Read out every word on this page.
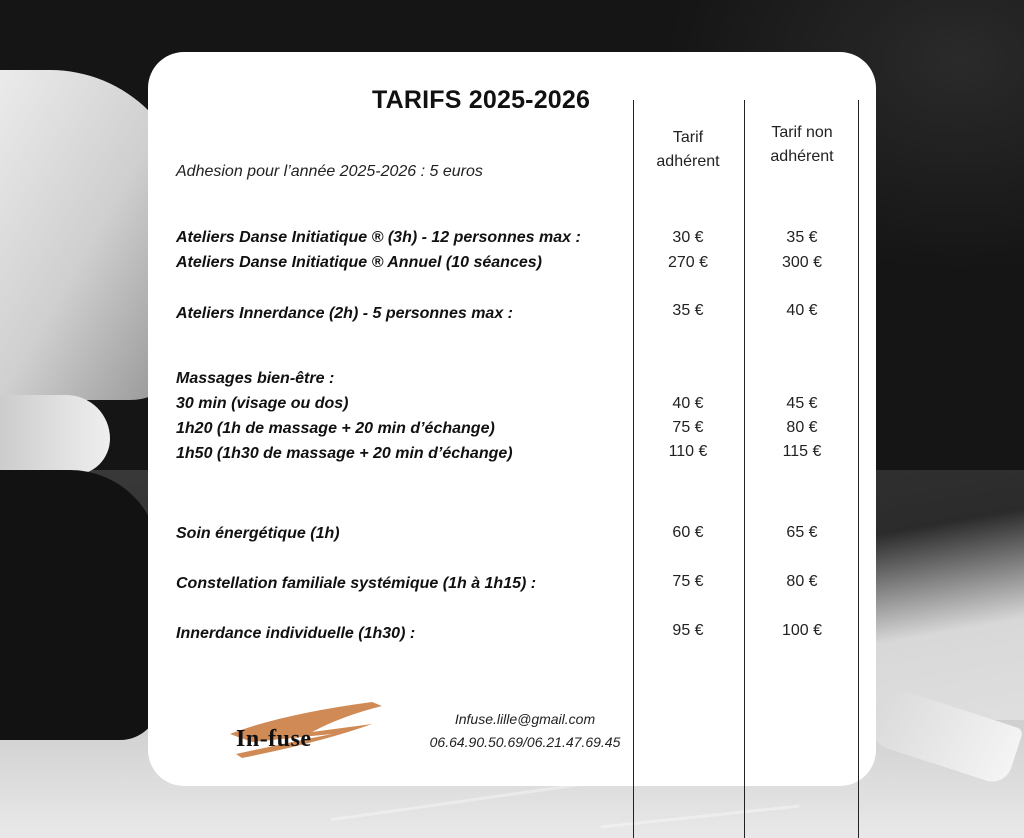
TARIFS 2025-2026
Tarif adhérent
Tarif non adhérent
Adhesion pour l’année 2025-2026 : 5 euros
Ateliers Danse Initiatique ® (3h) - 12 personnes max :	30 €	35 €
Ateliers Danse Initiatique ® Annuel (10 séances)	270 €	300 €
Ateliers Innerdance (2h) - 5 personnes max :	35 €	40 €
Massages bien-être :
30 min (visage ou dos)	40 €	45 €
1h20 (1h de massage + 20 min d’échange)	75 €	80 €
1h50 (1h30 de massage + 20 min d’échange)	110 €	115 €
Soin énergétique (1h)	60 €	65 €
Constellation familiale systémique (1h à 1h15) :	75 €	80 €
Innerdance individuelle (1h30) :	95 €	100 €
In-fuse
Infuse.lille@gmail.com
06.64.90.50.69/06.21.47.69.45
